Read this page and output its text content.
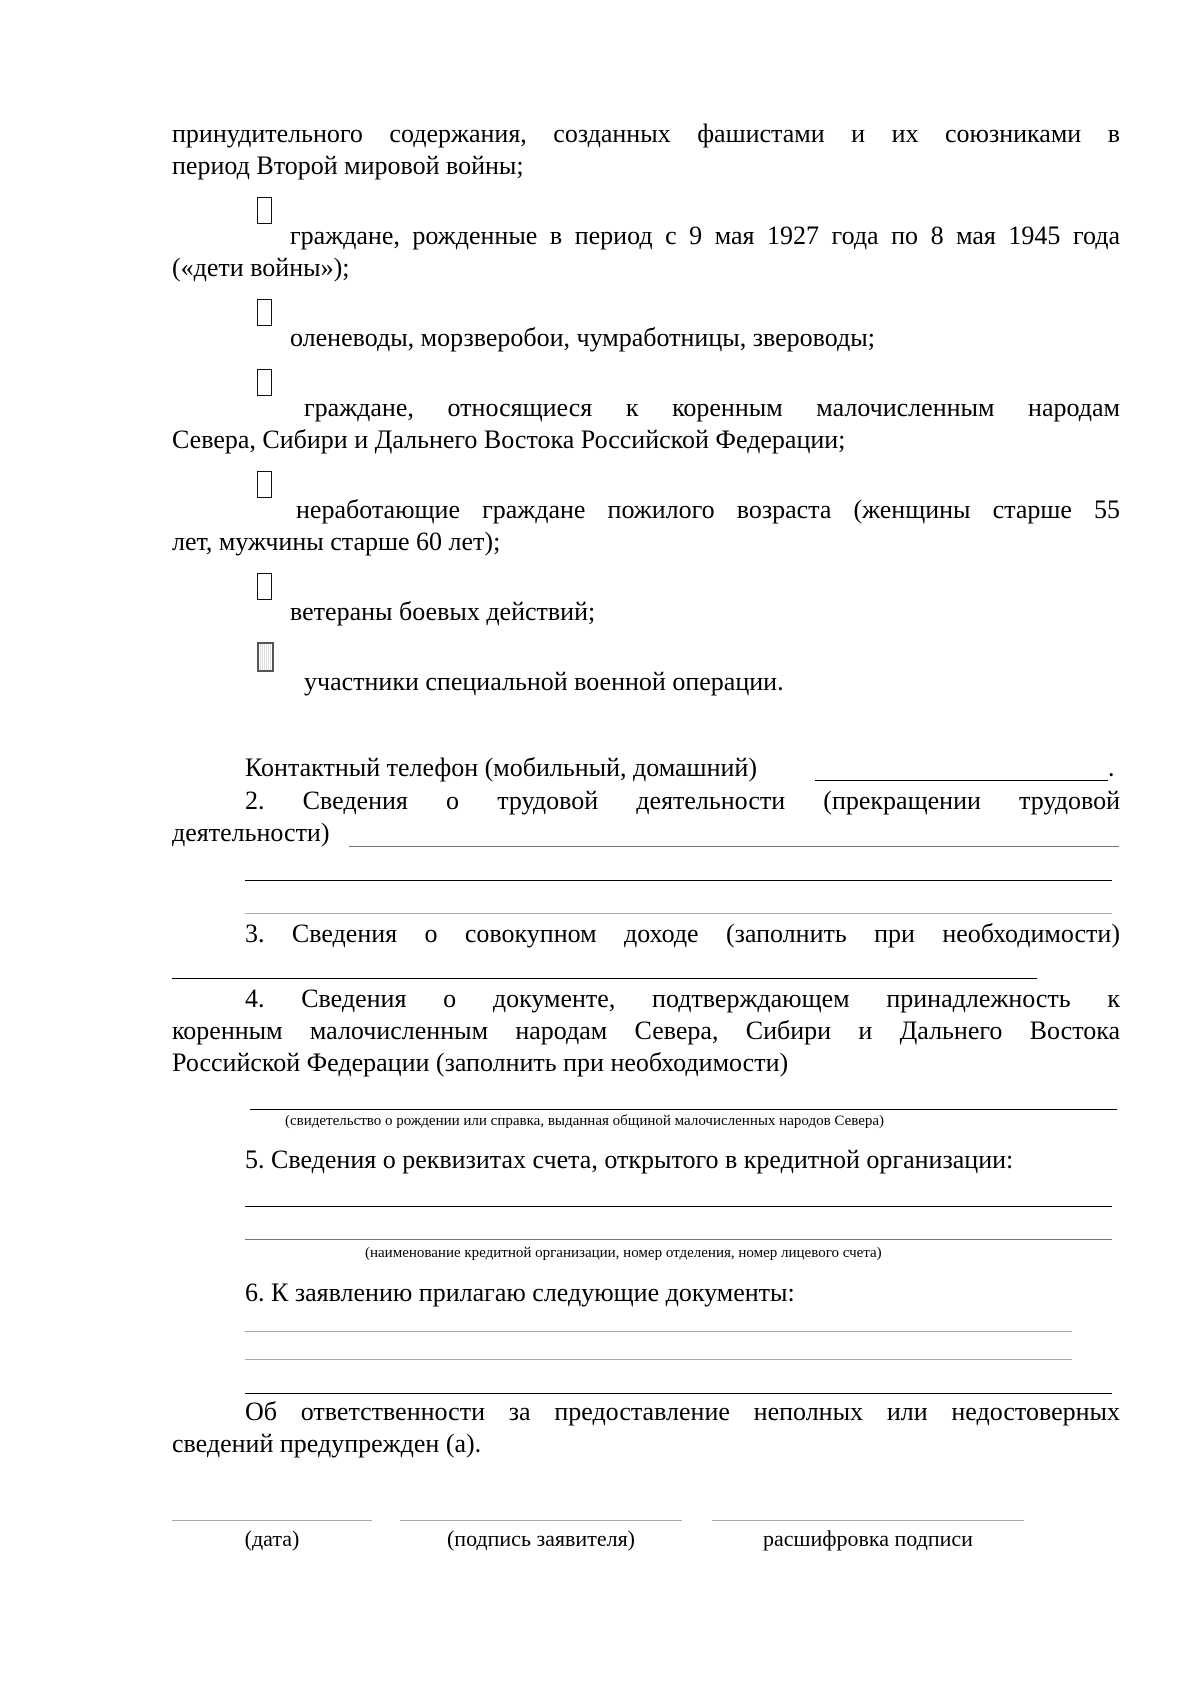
принудительного содержания, созданных фашистами и их союзниками в
период Второй мировой войны;
граждане, рожденные в период с 9 мая 1927 года по 8 мая 1945 года
(«дети войны»);
оленеводы, морзверобои, чумработницы, звероводы;
граждане, относящиеся к коренным малочисленным народам
Севера, Сибири и Дальнего Востока Российской Федерации;
неработающие граждане пожилого возраста (женщины старше 55
лет, мужчины старше 60 лет);
ветераны боевых действий;
участники специальной военной операции.
Контактный телефон (мобильный, домашний)	.
2. Сведения о трудовой деятельности (прекращении трудовой
деятельности)
3. Сведения о совокупном доходе (заполнить при необходимости)
4. Сведения о документе, подтверждающем принадлежность к
коренным малочисленным народам Севера, Сибири и Дальнего Востока
Российской Федерации (заполнить при необходимости)
(свидетельство о рождении или справка, выданная общиной малочисленных народов Севера)
5. Сведения о реквизитах счета, открытого в кредитной организации:
(наименование кредитной организации, номер отделения, номер лицевого счета)
6. К заявлению прилагаю следующие документы:
Об ответственности за предоставление неполных или недостоверных
сведений предупрежден (а).
(дата)	(подпись заявителя)	расшифровка подписи
